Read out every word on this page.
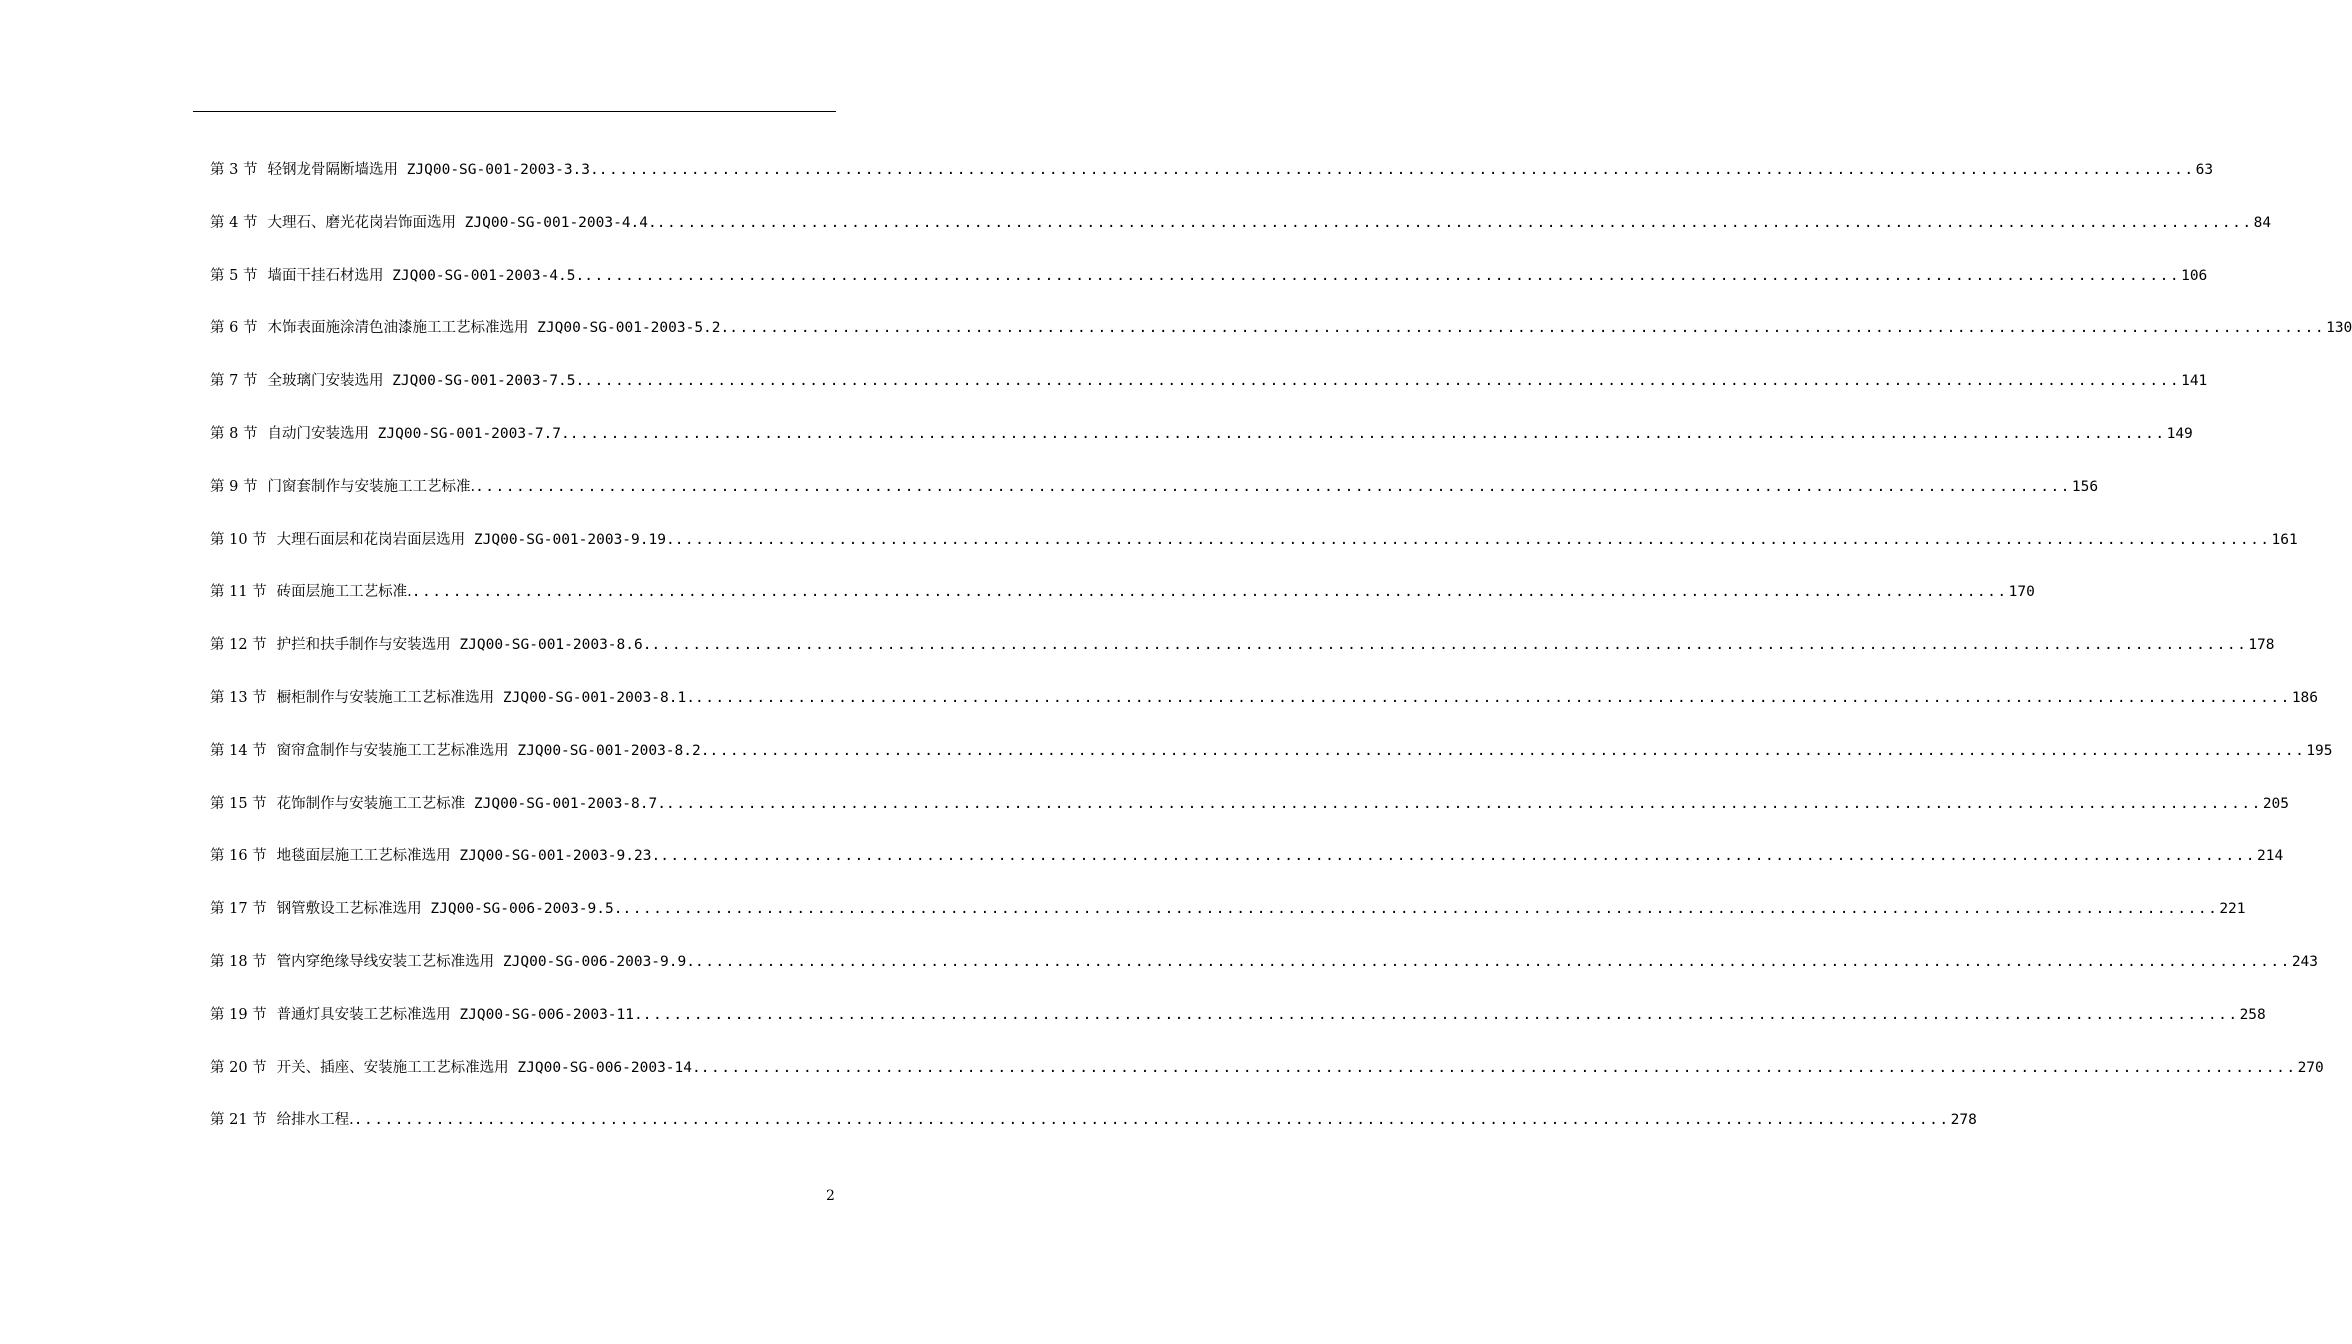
第 3 节 轻钢龙骨隔断墙选用 ZJQ00-SG-001-2003-3.3. .....	63
第 4 节 大理石、磨光花岗岩饰面选用 ZJQ00-SG-001-2003-4.4. .....	84
第 5 节 墙面干挂石材选用 ZJQ00-SG-001-2003-4.5. .....	106
第 6 节 木饰表面施涂清色油漆施工工艺标准选用 ZJQ00-SG-001-2003-5.2. .....	130
第 7 节 全玻璃门安装选用 ZJQ00-SG-001-2003-7.5. .....	141
第 8 节 自动门安装选用 ZJQ00-SG-001-2003-7.7. .....	149
第 9 节 门窗套制作与安装施工工艺标准. .....	156
第 10 节 大理石面层和花岗岩面层选用 ZJQ00-SG-001-2003-9.19. .....	161
第 11 节 砖面层施工工艺标准. .....	170
第 12 节 护拦和扶手制作与安装选用 ZJQ00-SG-001-2003-8.6. .....	178
第 13 节 橱柜制作与安装施工工艺标准选用 ZJQ00-SG-001-2003-8.1. .....	186
第 14 节 窗帘盒制作与安装施工工艺标准选用 ZJQ00-SG-001-2003-8.2. .....	195
第 15 节 花饰制作与安装施工工艺标准 ZJQ00-SG-001-2003-8.7. .....	205
第 16 节 地毯面层施工工艺标准选用 ZJQ00-SG-001-2003-9.23. .....	214
第 17 节 钢管敷设工艺标准选用 ZJQ00-SG-006-2003-9.5. .....	221
第 18 节 管内穿绝缘导线安装工艺标准选用 ZJQ00-SG-006-2003-9.9. .....	243
第 19 节 普通灯具安装工艺标准选用 ZJQ00-SG-006-2003-11. .....	258
第 20 节 开关、插座、安装施工工艺标准选用 ZJQ00-SG-006-2003-14. .....	270
第 21 节 给排水工程. .....	278
2
